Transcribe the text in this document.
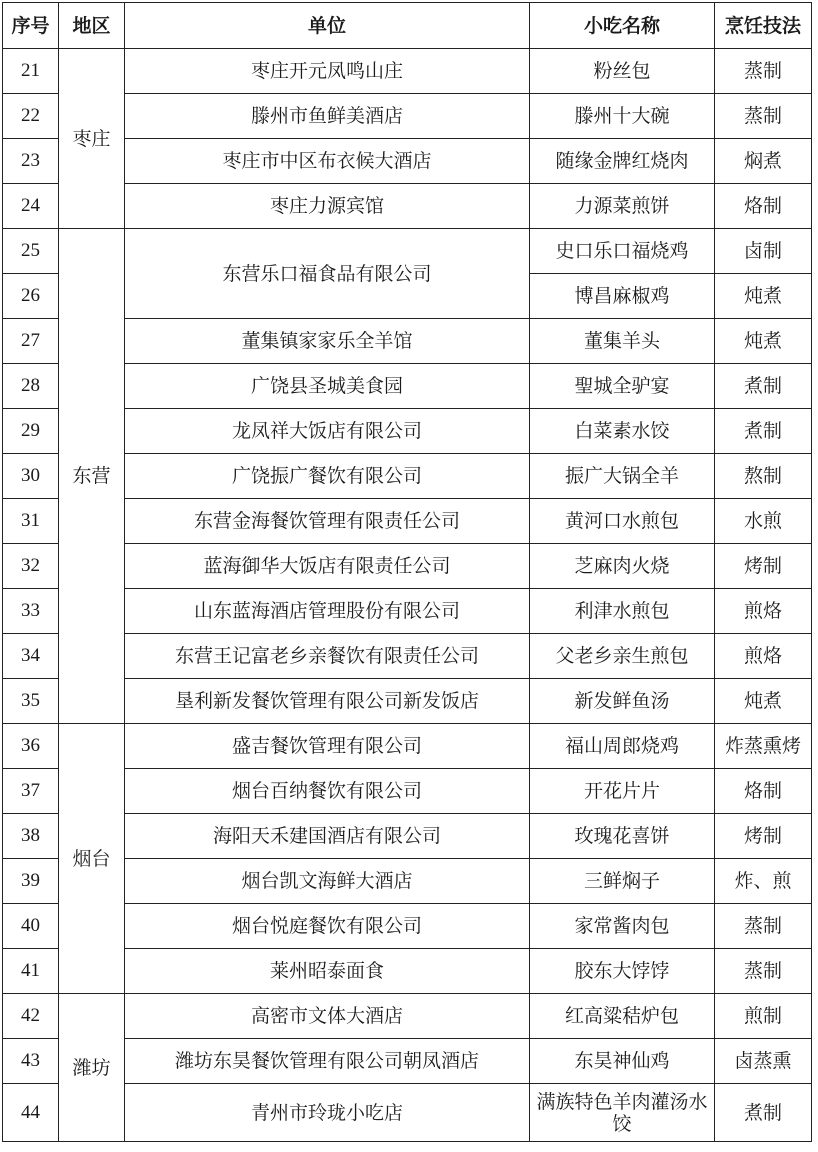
序号	地区	单位	小吃名称	烹饪技法
21	枣庄	枣庄开元凤鸣山庄	粉丝包	蒸制
22		滕州市鱼鲜美酒店	滕州十大碗	蒸制
23		枣庄市中区布衣候大酒店	随缘金牌红烧肉	焖煮
24		枣庄力源宾馆	力源菜煎饼	烙制
25	东营	东营乐口福食品有限公司	史口乐口福烧鸡	卤制
26			博昌麻椒鸡	炖煮
27		董集镇家家乐全羊馆	董集羊头	炖煮
28		广饶县圣城美食园	聖城全驴宴	煮制
29		龙凤祥大饭店有限公司	白菜素水饺	煮制
30		广饶振广餐饮有限公司	振广大锅全羊	熬制
31		东营金海餐饮管理有限责任公司	黄河口水煎包	水煎
32		蓝海御华大饭店有限责任公司	芝麻肉火烧	烤制
33		山东蓝海酒店管理股份有限公司	利津水煎包	煎烙
34		东营王记富老乡亲餐饮有限责任公司	父老乡亲生煎包	煎烙
35		垦利新发餐饮管理有限公司新发饭店	新发鲜鱼汤	炖煮
36	烟台	盛吉餐饮管理有限公司	福山周郎烧鸡	炸蒸熏烤
37		烟台百纳餐饮有限公司	开花片片	烙制
38		海阳天禾建国酒店有限公司	玫瑰花喜饼	烤制
39		烟台凯文海鲜大酒店	三鲜焖子	炸、煎
40		烟台悦庭餐饮有限公司	家常酱肉包	蒸制
41		莱州昭泰面食	胶东大饽饽	蒸制
42	潍坊	高密市文体大酒店	红高粱秸炉包	煎制
43		潍坊东昊餐饮管理有限公司朝凤酒店	东昊神仙鸡	卤蒸熏
44		青州市玲珑小吃店	满族特色羊肉灌汤水饺	煮制
